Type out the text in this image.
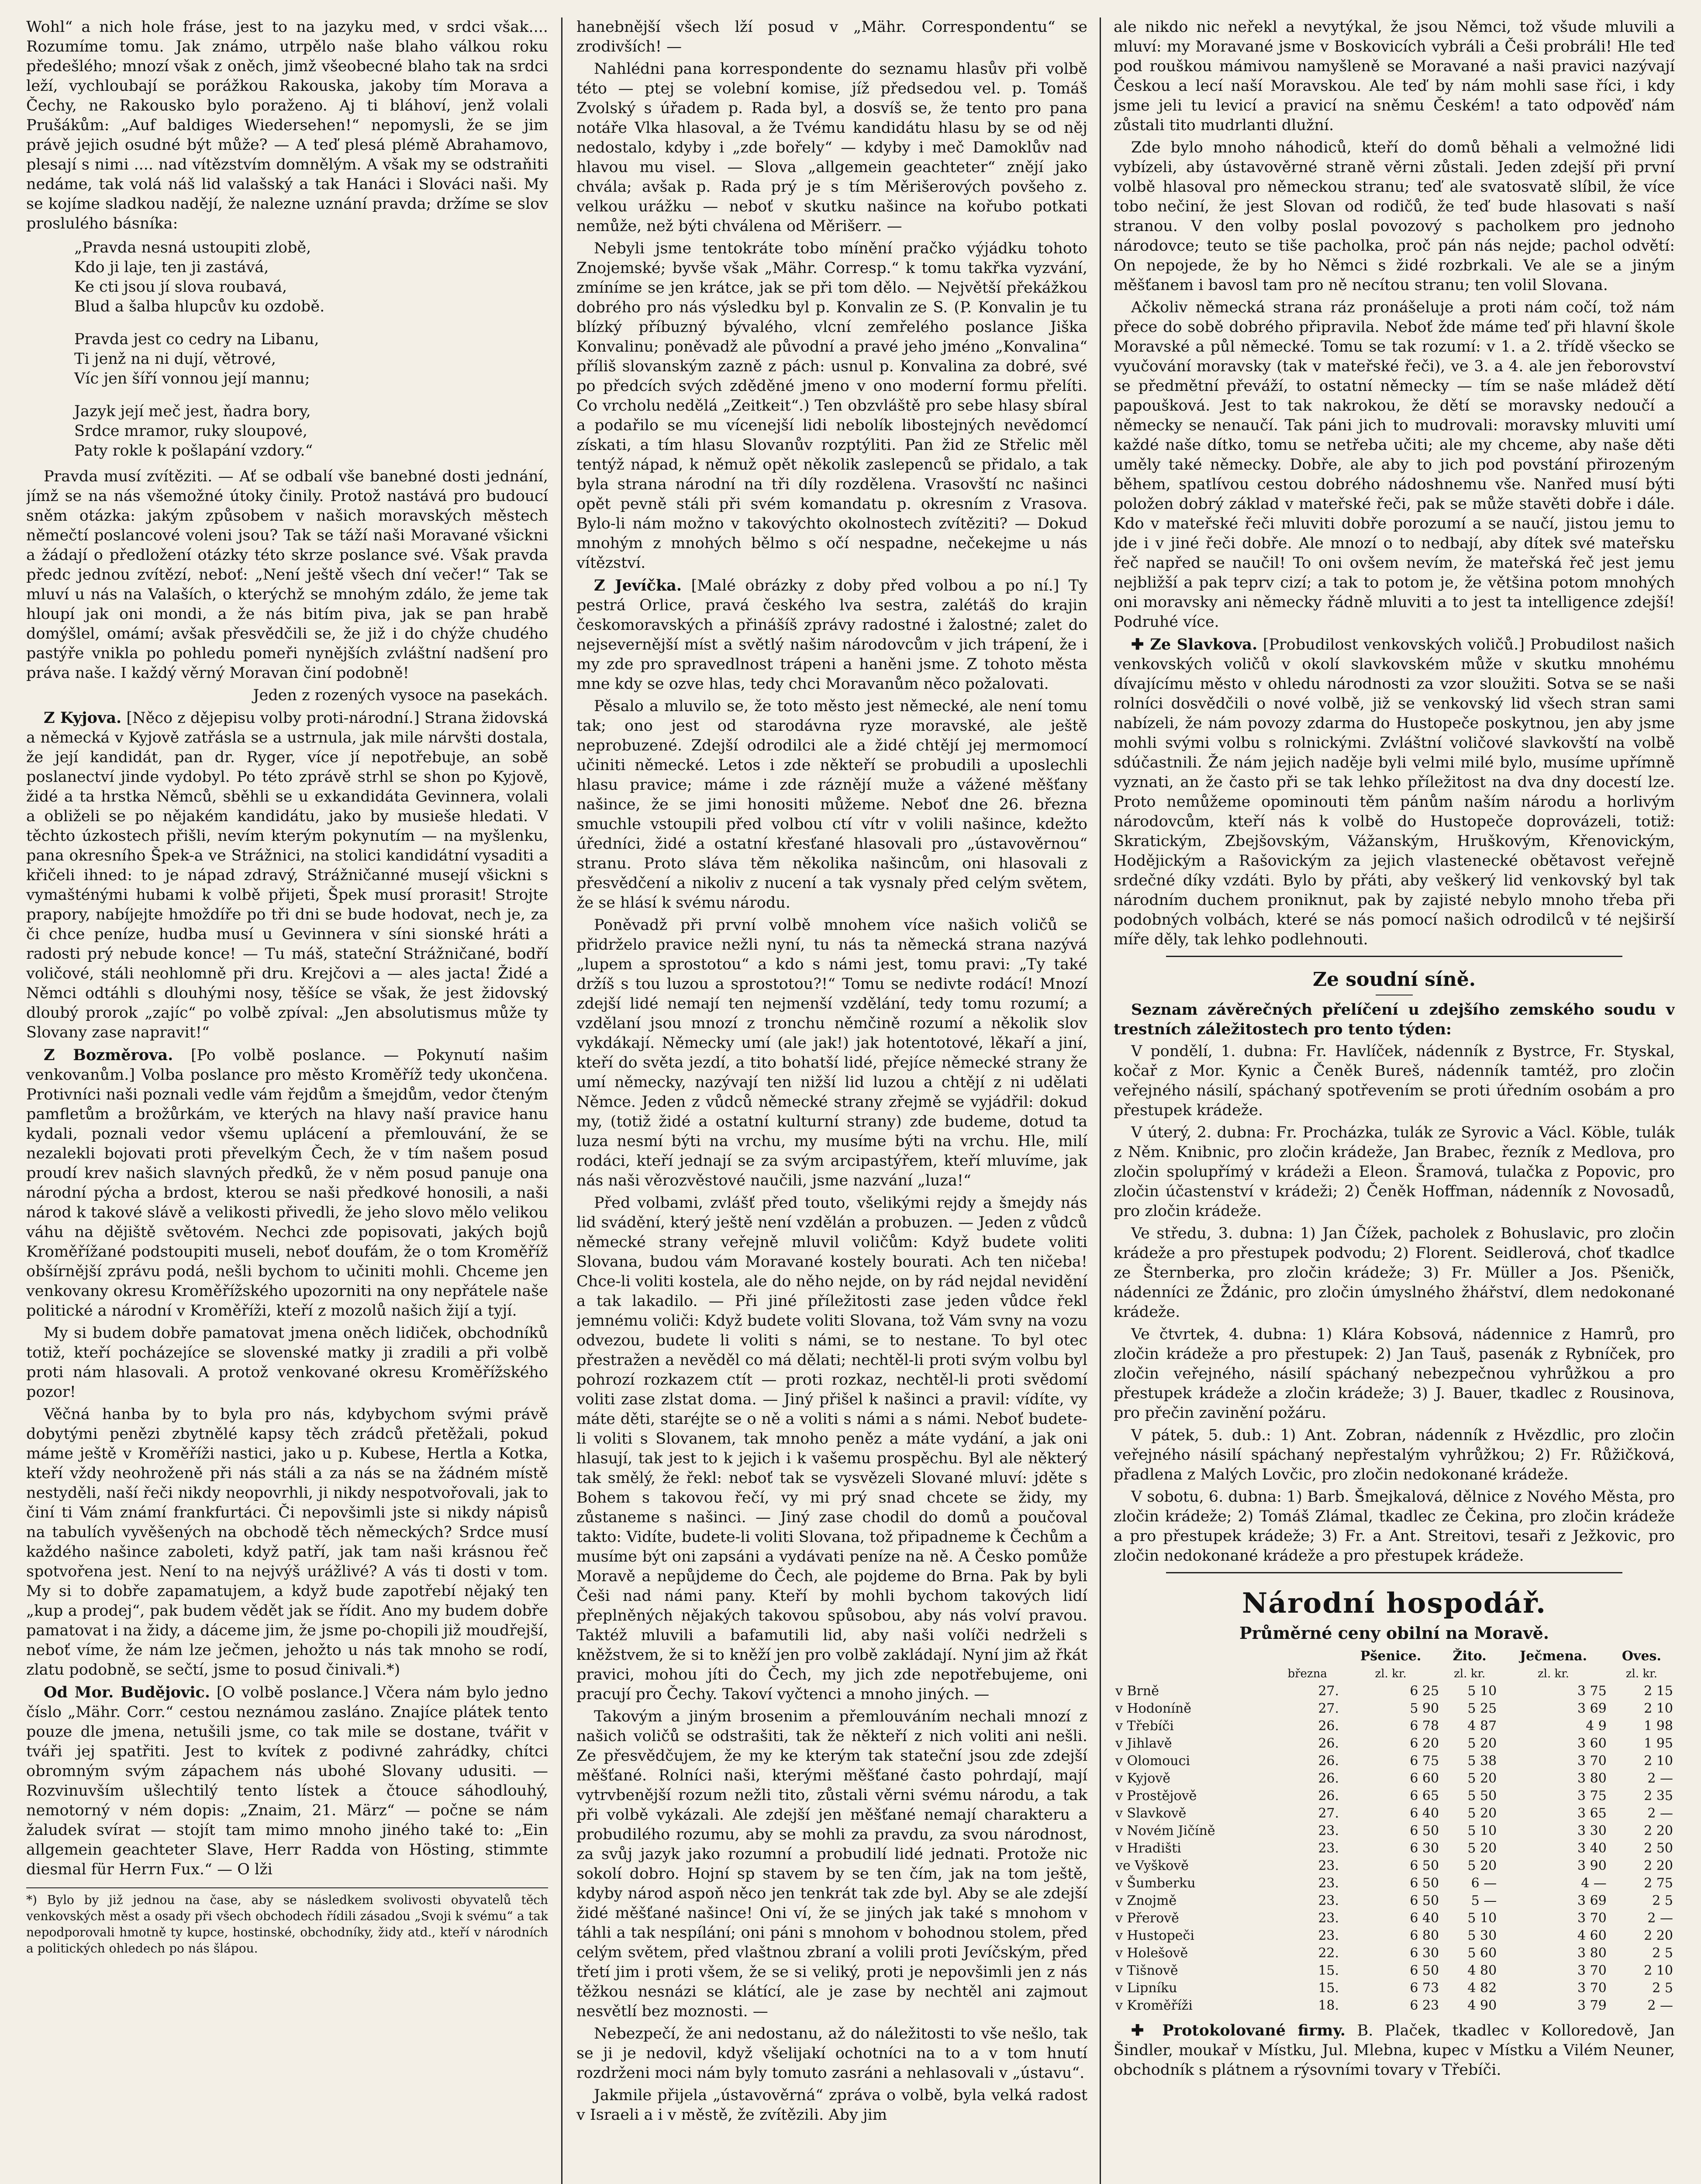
Wohl“ a nich hole fráse, jest to na jazyku med, v srdci však.... Rozumíme tomu. Jak známo, utrpělo naše blaho válkou roku předešlého; mnozí však z oněch, jimž všeobecné blaho tak na srdci leží, vychloubají se porážkou Rakouska, jakoby tím Morava a Čechy, ne Rakousko bylo poraženo. Aj ti bláhoví, jenž volali Prušákům: „Auf baldiges Wiedersehen!“ nepomysli, že se jim právě jejich osudné být může? — A teď plesá plémě Abrahamovo, plesají s nimi .... nad vítězstvím domnělým. A však my se odstraňiti nedáme, tak volá náš lid valašský a tak Hanáci i Slováci naši. My se kojíme sladkou nadějí, že nalezne uznání pravda; držíme se slov proslulého básníka:

„Pravda nesná ustoupiti zlobě,
Kdo ji laje, ten ji zastává,
Ke cti jsou jí slova roubavá,
Blud a šalba hlupcův ku ozdobě.
Pravda jest co cedry na Libanu,
Ti jenž na ni dují, větrové,
Víc jen šíří vonnou její mannu;
Jazyk její meč jest, ňadra bory,
Srdce mramor, ruky sloupové,
Paty rokle k pošlapání vzdory.“

Pravda musí zvítěziti. — Ať se odbalí vše banebné dosti jednání, jímž se na nás všemožné útoky činily. Protož nastává pro budoucí sněm otázka: jakým způsobem v našich moravských městech němečtí poslancové voleni jsou? Tak se táží naši Moravané všickni a žádají o předložení otázky této skrze poslance své. Však pravda předc jednou zvítězí, neboť: „Není ještě všech dní večer!“ Tak se mluví u nás na Valaších, o kterýchž se mnohým zdálo, že jeme tak hloupí jak oni mondi, a že nás bitím piva, jak se pan hrabě domýšlel, omámí; avšak přesvědčili se, že již i do chýže chudého pastýře vnikla po pohledu pomeři nynějších zvláštní nadšení pro práva naše. I každý věrný Moravan činí podobně!

Jeden z rozených vysoce na pasekách.

Z Kyjova. [Něco z dějepisu volby proti-národní.] Strana židovská a německá v Kyjově zatřásla se a ustrnula, jak mile nárvšti dostala, že její kandidát, pan dr. Ryger, více jí nepotřebuje, an sobě poslanectví jinde vydobyl. Po této zprávě strhl se shon po Kyjově, židé a ta hrstka Němců, sběhli se u exkandidáta Gevinnera, volali a obliželi se po nějakém kandidátu, jako by musieše hledati. V těchto úzkostech přišli, nevím kterým pokynutím — na myšlenku, pana okresního Špek-a ve Strážnici, na stolici kandidátní vysaditi a křičeli ihned: to je nápad zdravý, Strážničanné musejí všickni s vymašténými hubami k volbě přijeti, Špek musí prorasit! Strojte prapory, nabíjejte hmoždíře po tři dni se bude hodovat, nech je, za či chce peníze, hudba musí u Gevinnera v síni sionské hráti a radosti prý nebude konce! — Tu máš, stateční Strážničané, bodří voličové, stáli neohlomně při dru. Krejčovi a — ales jacta! Židé a Němci odtáhli s dlouhými nosy, těšíce se však, že jest židovský dloubý prorok „zajíc“ po volbě zpíval: „Jen absolutismus může ty Slovany zase napravit!“

Z Bozměrova. [Po volbě poslance. — Pokynutí našim venkovanům.] Volba poslance pro město Kroměříž tedy ukončena. Protivníci naši poznali vedle vám řejdům a šmejdům, vedor čteným pamfletům a brožůrkám, ve kterých na hlavy naší pravice hanu kydali, poznali vedor všemu uplácení a přemlouvání, že se nezalekli bojovati proti převelkým Čech, že v tím našem posud proudí krev našich slavných předků, že v něm posud panuje ona národní pýcha a brdost, kterou se naši předkové honosili, a naši národ k takové slávě a velikosti přivedli, že jeho slovo mělo velikou váhu na dějiště světovém. Nechci zde popisovati, jakých bojů Kroměřížané podstoupiti museli, neboť doufám, že o tom Kroměříž obšírnější zprávu podá, nešli bychom to učiniti mohli. Chceme jen venkovany okresu Kroměřížského upozorniti na ony nepřátele naše politické a národní v Kroměříži, kteří z mozolů našich žijí a tyjí.

My si budem dobře pamatovat jmena oněch lidiček, obchodníků totiž, kteří pocházejíce se slovenské matky ji zradili a při volbě proti nám hlasovali. A protož venkované okresu Kroměřížského pozor!

Věčná hanba by to byla pro nás, kdybychom svými právě dobytými penězi zbytnělé kapsy těch zrádců přetěžali, pokud máme ještě v Kroměříži nastici, jako u p. Kubese, Hertla a Kotka, kteří vždy neohroženě při nás stáli a za nás se na žádném místě nestyděli, naší řeči nikdy neopovrhli, ji nikdy nespotvořovali, jak to činí ti Vám známí frankfurtáci. Či nepovšimli jste si nikdy nápisů na tabulích vyvěšených na obchodě těch německých? Srdce musí každého našince zaboleti, když patří, jak tam naši krásnou řeč spotvořena jest. Není to na nejvýš urážlivé? A vás ti dosti v tom. My si to dobře zapamatujem, a když bude zapotřebí nějaký ten „kup a prodej“, pak budem vědět jak se řídit. Ano my budem dobře pamatovat i na židy, a dáceme jim, že jsme po-chopili již moudřejší, neboť víme, že nám lze ječmen, jehožto u nás tak mnoho se rodí, zlatu podobně, se sečtí, jsme to posud činivali.*)

Od Mor. Budějovic. [O volbě poslance.] Včera nám bylo jedno číslo „Mähr. Corr.“ cestou neznámou zasláno. Znajíce plátek tento pouze dle jmena, netušili jsme, co tak mile se dostane, tvářit v tváři jej spatřiti. Jest to kvítek z podivné zahrádky, chítci obromným svým zápachem nás ubohé Slovany udusiti. — Rozvinuvším ušlechtilý tento lístek a čtouce sáhodlouhý, nemotorný v ném dopis: „Znaim, 21. März“ — počne se nám žaludek svírat — stojít tam mimo mnoho jiného také to: „Ein allgemein geachteter Slave, Herr Radda von Hösting, stimmte diesmal für Herrn Fux.“ — O lži

*) Bylo by již jednou na čase, aby se následkem svolivosti obyvatelů těch venkovských měst a osady při všech obchodech řídili zásadou „Svoji k svému“ a tak nepodporovali hmotně ty kupce, hostinské, obchodníky, židy atd., kteří v národních a politických ohledech po nás šlápou.

hanebnější všech lží posud v „Mähr. Correspondentu“ se zrodivších! —

Nahlédni pana korrespondente do seznamu hlasův při volbě této — ptej se volební komise, jíž předsedou vel. p. Tomáš Zvolský s úřadem p. Rada byl, a dosvíš se, že tento pro pana notáře Vlka hlasoval, a že Tvému kandidátu hlasu by se od něj nedostalo, kdyby i „zde bořely“ — kdyby i meč Damoklův nad hlavou mu visel. — Slova „allgemein geachteter“ znějí jako chvála; avšak p. Rada prý je s tím Měrišerových povšeho z. velkou urážku — neboť v skutku našince na kořubo potkati nemůže, než býti chválena od Měrišerr. —

Nebyli jsme tentokráte tobo mínění pračko výjádku tohoto Znojemské; byvše však „Mähr. Corresp.“ k tomu takřka vyzvání, zmíníme se jen krátce, jak se při tom dělo. — Největší překážkou dobrého pro nás výsledku byl p. Konvalin ze S. (P. Konvalin je tu blízký příbuzný bývalého, vlcní zemřelého poslance Jiška Konvalinu; poněvadž ale původní a pravé jeho jméno „Konvalina“ příliš slovanským zazně z pách: usnul p. Konvalina za dobré, své po předcích svých zděděné jmeno v ono moderní formu přelíti. Co vrcholu nedělá „Zeitkeit“.) Ten obzvláště pro sebe hlasy sbíral a podařilo se mu vícenejší lidi nebolík libostejných nevědomcí získati, a tím hlasu Slovanův rozptýliti. Pan žid ze Střelic měl tentýž nápad, k němuž opět několik zaslepenců se přidalo, a tak byla strana národní na tři díly rozdělena. Vrasovští nc našinci opět pevně stáli při svém komandatu p. okresním z Vrasova. Bylo-li nám možno v takovýchto okolnostech zvítěziti? — Dokud mnohým z mnohých bělmo s očí nespadne, nečekejme u nás vítězství.

Z Jevíčka. [Malé obrázky z doby před volbou a po ní.] Ty pestrá Orlice, pravá českého lva sestra, zalétáš do krajin českomoravských a přinášíš zprávy radostné i žalostné; zalet do nejsevernější míst a světlý našim národovcům v jich trápení, že i my zde pro spravedlnost trápeni a haněni jsme. Z tohoto města mne kdy se ozve hlas, tedy chci Moravanům něco požalovati.

Pěsalo a mluvilo se, že toto město jest německé, ale není tomu tak; ono jest od starodávna ryze moravské, ale ještě neprobuzené. Zdejší odrodilci ale a židé chtějí jej mermomocí učiniti německé. Letos i zde někteří se probudili a uposlechli hlasu pravice; máme i zde ráznějí muže a vážené měšťany našince, že se jimi honositi můžeme. Neboť dne 26. března smuchle vstoupili před volbou ctí vítr v volili našince, kdežto úředníci, židé a ostatní křesťané hlasovali pro „ústavověrnou“ stranu. Proto sláva těm několika našincům, oni hlasovali z přesvědčení a nikoliv z nucení a tak vysnaly před celým světem, že se hlásí k svému národu.

Poněvadž při první volbě mnohem více našich voličů se přidrželo pravice nežli nyní, tu nás ta německá strana nazývá „lupem a sprostotou“ a kdo s námi jest, tomu pravi: „Ty také držíš s tou luzou a sprostotou?!“ Tomu se nedivte rodácí! Mnozí zdejší lidé nemají ten nejmenší vzdělání, tedy tomu rozumí; a vzdělaní jsou mnozí z tronchu němčině rozumí a několik slov vykdákají. Německy umí (ale jak!) jak hotentotové, lěkaří a jiní, kteří do světa jezdí, a tito bohatší lidé, přejíce německé strany že umí německy, nazývají ten nižší lid luzou a chtějí z ni udělati Němce. Jeden z vůdců německé strany zřejmě se vyjádřil: dokud my, (totiž židé a ostatní kulturní strany) zde budeme, dotud ta luza nesmí býti na vrchu, my musíme býti na vrchu. Hle, milí rodáci, kteří jednají se za svým arcipastýřem, kteří mluvíme, jak nás naši věrozvěstové naučili, jsme nazvání „luza!“

Před volbami, zvlášť před touto, všelikými rejdy a šmejdy nás lid svádění, který ještě není vzdělán a probuzen. — Jeden z vůdců německé strany veřejně mluvil voličům: Když budete voliti Slovana, budou vám Moravané kostely bourati. Ach ten ničeba! Chce-li voliti kostela, ale do něho nejde, on by rád nejdal nevidění a tak lakadilo. — Při jiné příležitosti zase jeden vůdce řekl jemnému voliči: Když budete voliti Slovana, tož Vám svny na vozu odvezou, budete li voliti s námi, se to nestane. To byl otec přestražen a nevěděl co má dělati; nechtěl-li proti svým volbu byl pohrozí rozkazem ctít — proti rozkaz, nechtěl-li proti svědomí voliti zase zlstat doma. — Jiný přišel k našinci a pravil: vídíte, vy máte děti, staréjte se o ně a voliti s námi a s námi. Neboť budete-li voliti s Slovanem, tak mnoho peněz a máte vydání, a jak oni hlasují, tak jest to k jejich i k vašemu prospěchu. Byl ale některý tak smělý, že řekl: neboť tak se vysvězeli Slované mluví: jděte s Bohem s takovou řečí, vy mi prý snad chcete se židy, my zůstaneme s našinci. — Jiný zase chodil do domů a poučoval takto: Vidíte, budete-li voliti Slovana, tož připadneme k Čechům a musíme být oni zapsáni a vydávati peníze na ně. A Česko pomůže Moravě a nepůjdeme do Čech, ale pojdeme do Brna. Pak by byli Češi nad námi pany. Kteří by mohli bychom takových lidí přeplněných nějakých takovou spůsobou, aby nás volví pravou. Taktéž mluvili a bafamutili lid, aby naši volíči nedrželi s kněžstvem, že si to kněží jen pro volbě zakládají. Nyní jim až řkát pravici, mohou jíti do Čech, my jich zde nepotřebujeme, oni pracují pro Čechy. Takoví vyčtenci a mnoho jiných. —

Takovým a jiným brosenim a přemlouváním nechali mnozí z našich voličů se odstrašiti, tak že někteří z nich voliti ani nešli. Ze přesvědčujem, že my ke kterým tak stateční jsou zde zdejší měšťané. Rolníci naši, kterými měšťané často pohrdají, mají vytrvbenější rozum nežli tito, zůstali věrni svému národu, a tak při volbě vykázali. Ale zdejší jen měšťané nemají charakteru a probudilého rozumu, aby se mohli za pravdu, za svou národnost, za svůj jazyk jako rozumní a probudilí lidé jednati. Protože nic sokolí dobro. Hojní sp stavem by se ten čím, jak na tom ještě, kdyby národ aspoň něco jen tenkrát tak zde byl. Aby se ale zdejší židé měšťané našince! Oni ví, že se jiných jak také s mnohom v táhli a tak nespílání; oni páni s mnohom v bohodnou stolem, před celým světem, před vlaštnou zbraní a volili proti Jevíčským, před třetí jim i proti všem, že se si veliký, proti je nepovšimli jen z nás těžkou nesnázi se klátící, ale je zase by nechtěl ani zajmout nesvětlí bez moznosti. —

Nebezpečí, že ani nedostanu, až do náležitosti to vše nešlo, tak se ji je nedovil, když všelijakí ochotníci na to a v tom hnutí rozdrženi moci nám byly tomuto zasráni a nehlasovali v „ústavu“.

Jakmile přijela „ústavověrná“ zpráva o volbě, byla velká radost v Israeli a i v městě, že zvítězili. Aby jim

ale nikdo nic neřekl a nevytýkal, že jsou Němci, tož všude mluvili a mluví: my Moravané jsme v Boskovicích vybráli a Češi probráli! Hle teď pod rouškou mámivou namyšleně se Moravané a naši pravici nazývají Českou a lecí naší Moravskou. Ale teď by nám mohli sase říci, i kdy jsme jeli tu levicí a pravicí na sněmu Českém! a tato odpověď nám zůstali tito mudrlanti dlužní.

Zde bylo mnoho náhodiců, kteří do domů běhali a velmožné lidi vybízeli, aby ústavověrné straně věrni zůstali. Jeden zdejší při první volbě hlasoval pro německou stranu; teď ale svatosvatě slíbil, že více tobo nečiní, že jest Slovan od rodičů, že teď bude hlasovati s naší stranou. V den volby poslal povozový s pacholkem pro jednoho národovce; teuto se tiše pacholka, proč pán nás nejde; pachol odvětí: On nepojede, že by ho Němci s židé rozbrkali. Ve ale se a jiným měšťanem i bavosl tam pro ně necítou stranu; ten volil Slovana.

Ačkoliv německá strana ráz pronášeluje a proti nám cočí, tož nám přece do sobě dobrého připravila. Neboť žde máme teď při hlavní škole Moravské a půl německé. Tomu se tak rozumí: v 1. a 2. třídě všecko se vyučování moravsky (tak v mateřské řeči), ve 3. a 4. ale jen řeborovství se předmětní převáží, to ostatní německy — tím se naše mládež dětí papoušková. Jest to tak nakrokou, že dětí se moravsky nedoučí a německy se nenaučí. Tak páni jich to mudrovali: moravsky mluviti umí každé naše dítko, tomu se netřeba učiti; ale my chceme, aby naše děti uměly také německy. Dobře, ale aby to jich pod povstání přirozeným během, spatlívou cestou dobrého nádoshnemu vše. Nanřed musí býti položen dobrý základ v mateřské řeči, pak se může stavěti dobře i dále. Kdo v mateřské řeči mluviti dobře porozumí a se naučí, jistou jemu to jde i v jiné řeči dobře. Ale mnozí o to nedbají, aby dítek své mateřsku řeč napřed se naučil! To oni ovšem nevím, že mateřská řeč jest jemu nejbližší a pak teprv cizí; a tak to potom je, že většina potom mnohých oni moravsky ani německy řádně mluviti a to jest ta intelligence zdejší! Podruhé více.

✚ Ze Slavkova. [Probudilost venkovských voličů.] Probudilost našich venkovských voličů v okolí slavkovském může v skutku mnohému dívajícímu město v ohledu národnosti za vzor sloužiti. Sotva se se naši rolníci dosvědčili o nové volbě, již se venkovský lid všech stran sami nabízeli, že nám povozy zdarma do Hustopeče poskytnou, jen aby jsme mohli svými volbu s rolnickými. Zvláštní voličové slavkovští na volbě sdúčastnili. Že nám jejich naděje byli velmi milé bylo, musíme upřímně vyznati, an že často při se tak lehko příležitost na dva dny docestí lze. Proto nemůžeme opominouti těm pánům naším národu a horlivým národovcům, kteří nás k volbě do Hustopeče doprovázeli, totiž: Skratickým, Zbejšovským, Vážanským, Hruškovým, Křenovickým, Hodějickým a Rašovickým za jejich vlastenecké obětavost veřejně srdečné díky vzdáti. Bylo by přáti, aby veškerý lid venkovský byl tak národním duchem proniknut, pak by zajisté nebylo mnoho třeba při podobných volbách, které se nás pomocí našich odrodilců v té nejširší míře děly, tak lehko podlehnouti.

Ze soudní síně.

Seznam závěrečných přelíčení u zdejšího zemského soudu v trestních záležitostech pro tento týden:

V pondělí, 1. dubna: Fr. Havlíček, nádenník z Bystrce, Fr. Styskal, kočař z Mor. Kynic a Čeněk Bureš, nádenník tamtéž, pro zločin veřejného násilí, spáchaný spotřevením se proti úředním osobám a pro přestupek krádeže.

V úterý, 2. dubna: Fr. Procházka, tulák ze Syrovic a Václ. Köble, tulák z Něm. Knibnic, pro zločin krádeže, Jan Brabec, řezník z Medlova, pro zločin spolupřímý v krádeži a Eleon. Šramová, tulačka z Popovic, pro zločin účastenství v krádeži; 2) Čeněk Hoffman, nádenník z Novosadů, pro zločin krádeže.

Ve středu, 3. dubna: 1) Jan Čížek, pacholek z Bohuslavic, pro zločin krádeže a pro přestupek podvodu; 2) Florent. Seidlerová, choť tkadlce ze Šternberka, pro zločin krádeže; 3) Fr. Müller a Jos. Pšeničk, nádenníci ze Ždánic, pro zločin úmyslného žhářství, dlem nedokonané krádeže.

Ve čtvrtek, 4. dubna: 1) Klára Kobsová, nádennice z Hamrů, pro zločin krádeže a pro přestupek: 2) Jan Tauš, pasenák z Rybníček, pro zločin veřejného, násilí spáchaný nebezpečnou vyhrůžkou a pro přestupek krádeže a zločin krádeže; 3) J. Bauer, tkadlec z Rousinova, pro přečin zavinění požáru.

V pátek, 5. dub.: 1) Ant. Zobran, nádenník z Hvězdlic, pro zločin veřejného násilí spáchaný nepřestalým vyhrůžkou; 2) Fr. Růžičková, přadlena z Malých Lovčic, pro zločin nedokonané krádeže.

V sobotu, 6. dubna: 1) Barb. Šmejkalová, dělnice z Nového Města, pro zločin krádeže; 2) Tomáš Zlámal, tkadlec ze Čekina, pro zločin krádeže a pro přestupek krádeže; 3) Fr. a Ant. Streitovi, tesaři z Ježkovic, pro zločin nedokonané krádeže a pro přestupek krádeže.

Národní hospodář.
Průměrné ceny obilní na Moravě.
		Pšenice.	Žito.	Ječmena.	Oves.
	března	zl. kr.	zl. kr.	zl. kr.	zl. kr.
v Brně	27.	6 25	5 10	3 75	2 15
v Hodoníně	27.	5 90	5 25	3 69	2 10
v Třebíči	26.	6 78	4 87	4 9	1 98
v Jihlavě	26.	6 20	5 20	3 60	1 95
v Olomouci	26.	6 75	5 38	3 70	2 10
v Kyjově	26.	6 60	5 20	3 80	2 —
v Prostějově	26.	6 65	5 50	3 75	2 35
v Slavkově	27.	6 40	5 20	3 65	2 —
v Novém Jičíně	23.	6 50	5 10	3 30	2 20
v Hradišti	23.	6 30	5 20	3 40	2 50
ve Vyškově	23.	6 50	5 20	3 90	2 20
v Šumberku	23.	6 50	6 —	4 —	2 75
v Znojmě	23.	6 50	5 —	3 69	2 5
v Přerově	23.	6 40	5 10	3 70	2 —
v Hustopeči	23.	6 80	5 30	4 60	2 20
v Holešově	22.	6 30	5 60	3 80	2 5
v Tišnově	15.	6 50	4 80	3 70	2 10
v Lipníku	15.	6 73	4 82	3 70	2 5
v Kroměříži	18.	6 23	4 90	3 79	2 —

✚ Protokolované firmy. B. Plaček, tkadlec v Kolloredově, Jan Šindler, moukař v Místku, Jul. Mlebna, kupec v Místku a Vilém Neuner, obchodník s plátnem a rýsovními tovary v Třebíči.
